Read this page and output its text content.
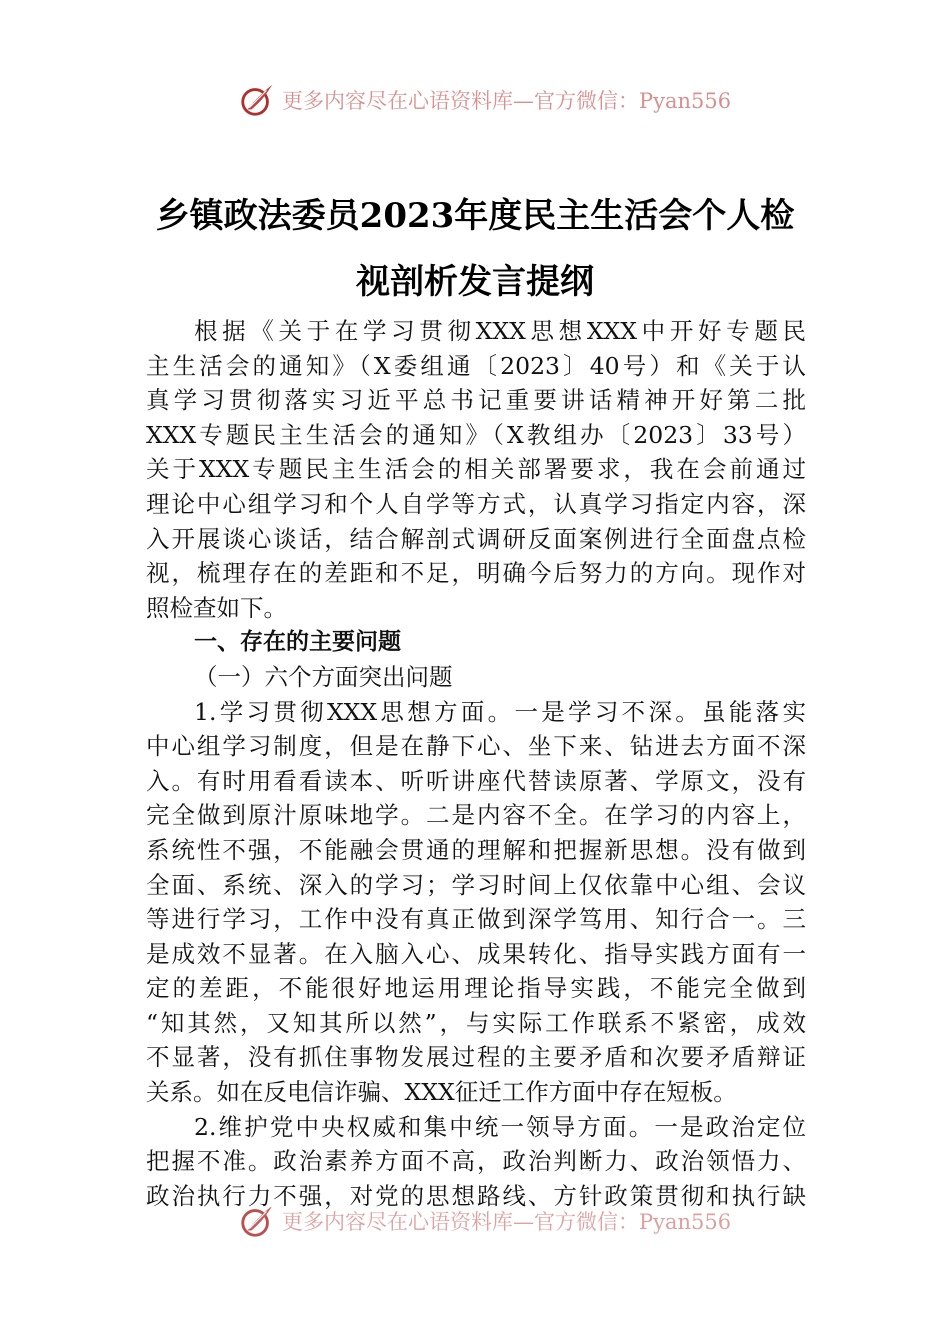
更多内容尽在心语资料库—官方微信：Pyan556
乡镇政法委员2023年度民主生活会个人检
视剖析发言提纲
根据《关于在学习贯彻XXX思想XXX中开好专题民
主生活会的通知》（X委组通〔2023〕40号）和《关于认
真学习贯彻落实习近平总书记重要讲话精神开好第二批
XXX专题民主生活会的通知》（X教组办〔2023〕33号）
关于XXX专题民主生活会的相关部署要求，我在会前通过
理论中心组学习和个人自学等方式，认真学习指定内容，深
入开展谈心谈话，结合解剖式调研反面案例进行全面盘点检
视，梳理存在的差距和不足，明确今后努力的方向。现作对
照检查如下。
一、存在的主要问题
（一）六个方面突出问题
1.学习贯彻XXX思想方面。一是学习不深。虽能落实
中心组学习制度，但是在静下心、坐下来、钻进去方面不深
入。有时用看看读本、听听讲座代替读原著、学原文，没有
完全做到原汁原味地学。二是内容不全。在学习的内容上，
系统性不强，不能融会贯通的理解和把握新思想。没有做到
全面、系统、深入的学习；学习时间上仅依靠中心组、会议
等进行学习，工作中没有真正做到深学笃用、知行合一。三
是成效不显著。在入脑入心、成果转化、指导实践方面有一
定的差距，不能很好地运用理论指导实践，不能完全做到
“知其然，又知其所以然”，与实际工作联系不紧密，成效
不显著，没有抓住事物发展过程的主要矛盾和次要矛盾辩证
关系。如在反电信诈骗、XXX征迁工作方面中存在短板。
2.维护党中央权威和集中统一领导方面。一是政治定位
把握不准。政治素养方面不高，政治判断力、政治领悟力、
政治执行力不强，对党的思想路线、方针政策贯彻和执行缺
更多内容尽在心语资料库—官方微信：Pyan556
